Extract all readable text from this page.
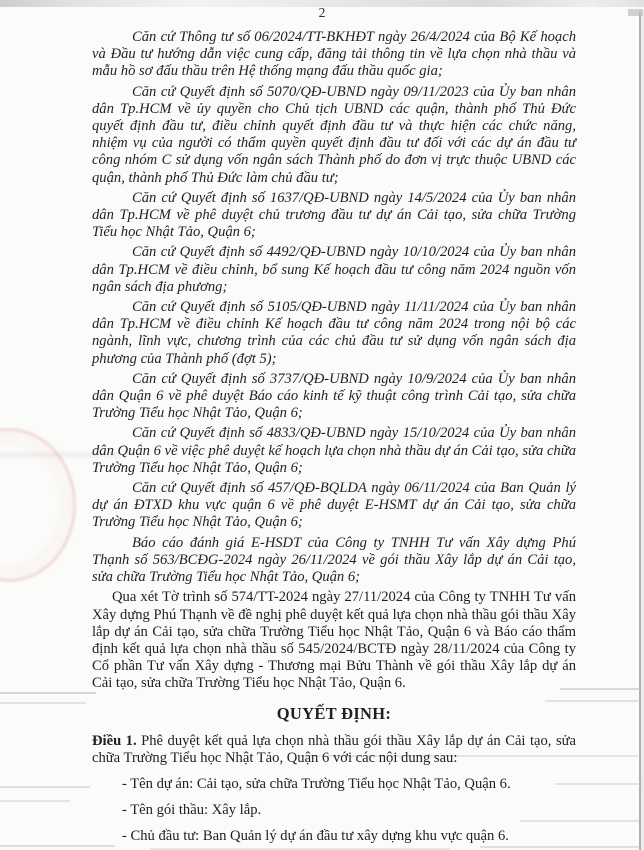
2

Căn cứ Thông tư số 06/2024/TT-BKHĐT ngày 26/4/2024 của Bộ Kế hoạch và Đầu tư hướng dẫn việc cung cấp, đăng tải thông tin về lựa chọn nhà thầu và mẫu hồ sơ đấu thầu trên Hệ thống mạng đấu thầu quốc gia;

Căn cứ Quyết định số 5070/QĐ-UBND ngày 09/11/2023 của Ủy ban nhân dân Tp.HCM về ủy quyền cho Chủ tịch UBND các quận, thành phố Thủ Đức quyết định đầu tư, điều chỉnh quyết định đầu tư và thực hiện các chức năng, nhiệm vụ của người có thẩm quyền quyết định đầu tư đối với các dự án đầu tư công nhóm C sử dụng vốn ngân sách Thành phố do đơn vị trực thuộc UBND các quận, thành phố Thủ Đức làm chủ đầu tư;

Căn cứ Quyết định số 1637/QĐ-UBND ngày 14/5/2024 của Ủy ban nhân dân Tp.HCM về phê duyệt chủ trương đầu tư dự án Cải tạo, sửa chữa Trường Tiểu học Nhật Tảo, Quận 6;

Căn cứ Quyết định số 4492/QĐ-UBND ngày 10/10/2024 của Ủy ban nhân dân Tp.HCM về điều chỉnh, bổ sung Kế hoạch đầu tư công năm 2024 nguồn vốn ngân sách địa phương;

Căn cứ Quyết định số 5105/QĐ-UBND ngày 11/11/2024 của Ủy ban nhân dân Tp.HCM về điều chỉnh Kế hoạch đầu tư công năm 2024 trong nội bộ các ngành, lĩnh vực, chương trình của các chủ đầu tư sử dụng vốn ngân sách địa phương của Thành phố (đợt 5);

Căn cứ Quyết định số 3737/QĐ-UBND ngày 10/9/2024 của Ủy ban nhân dân Quận 6 về phê duyệt Báo cáo kinh tế kỹ thuật công trình Cải tạo, sửa chữa Trường Tiểu học Nhật Tảo, Quận 6;

Căn cứ Quyết định số 4833/QĐ-UBND ngày 15/10/2024 của Ủy ban nhân dân Quận 6 về việc phê duyệt kế hoạch lựa chọn nhà thầu dự án Cải tạo, sửa chữa Trường Tiểu học Nhật Tảo, Quận 6;

Căn cứ Quyết định số 457/QĐ-BQLDA ngày 06/11/2024 của Ban Quản lý dự án ĐTXD khu vực quận 6 về phê duyệt E-HSMT dự án Cải tạo, sửa chữa Trường Tiểu học Nhật Tảo, Quận 6;

Báo cáo đánh giá E-HSDT của Công ty TNHH Tư vấn Xây dựng Phú Thạnh số 563/BCĐG-2024 ngày 26/11/2024 về gói thầu Xây lắp dự án Cải tạo, sửa chữa Trường Tiểu học Nhật Tảo, Quận 6;

Qua xét Tờ trình số 574/TT-2024 ngày 27/11/2024 của Công ty TNHH Tư vấn Xây dựng Phú Thạnh về đề nghị phê duyệt kết quả lựa chọn nhà thầu gói thầu Xây lắp dự án Cải tạo, sửa chữa Trường Tiểu học Nhật Tảo, Quận 6 và Báo cáo thẩm định kết quả lựa chọn nhà thầu số 545/2024/BCTĐ ngày 28/11/2024 của Công ty Cổ phần Tư vấn Xây dựng - Thương mại Bửu Thành về gói thầu Xây lắp dự án Cải tạo, sửa chữa Trường Tiểu học Nhật Tảo, Quận 6.

QUYẾT ĐỊNH:

Điều 1. Phê duyệt kết quả lựa chọn nhà thầu gói thầu Xây lắp dự án Cải tạo, sửa chữa Trường Tiểu học Nhật Tảo, Quận 6 với các nội dung sau:

- Tên dự án: Cải tạo, sửa chữa Trường Tiểu học Nhật Tảo, Quận 6.

- Tên gói thầu: Xây lắp.

- Chủ đầu tư: Ban Quản lý dự án đầu tư xây dựng khu vực quận 6.
